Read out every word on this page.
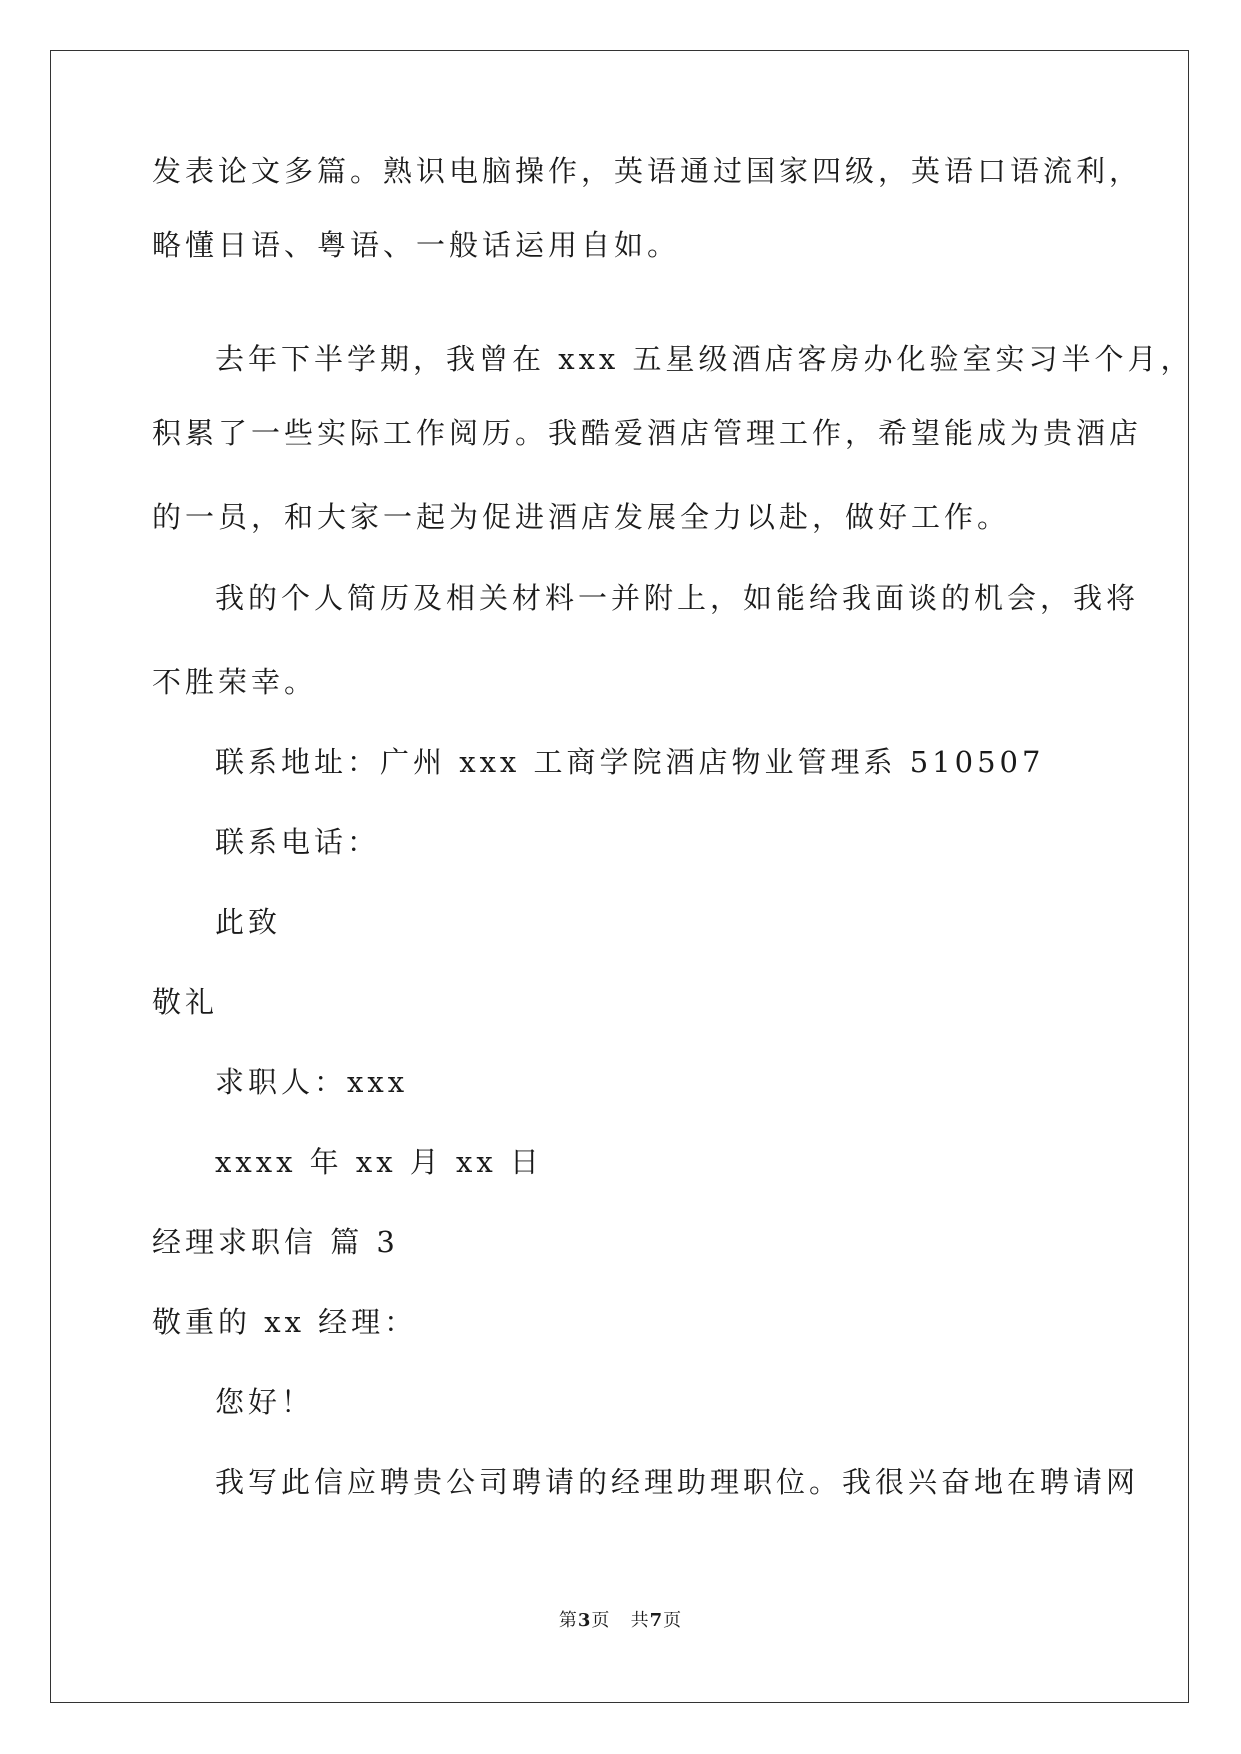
发表论文多篇。熟识电脑操作，英语通过国家四级，英语口语流利，
略懂日语、粤语、一般话运用自如。
去年下半学期，我曾在 xxx 五星级酒店客房办化验室实习半个月，
积累了一些实际工作阅历。我酷爱酒店管理工作，希望能成为贵酒店
的一员，和大家一起为促进酒店发展全力以赴，做好工作。
我的个人简历及相关材料一并附上，如能给我面谈的机会，我将
不胜荣幸。
联系地址：广州 xxx 工商学院酒店物业管理系 510507
联系电话：
此致
敬礼
求职人：xxx
xxxx 年 xx 月 xx 日
经理求职信 篇 3
敬重的 xx 经理：
您好！
我写此信应聘贵公司聘请的经理助理职位。我很兴奋地在聘请网
第3页 共7页
